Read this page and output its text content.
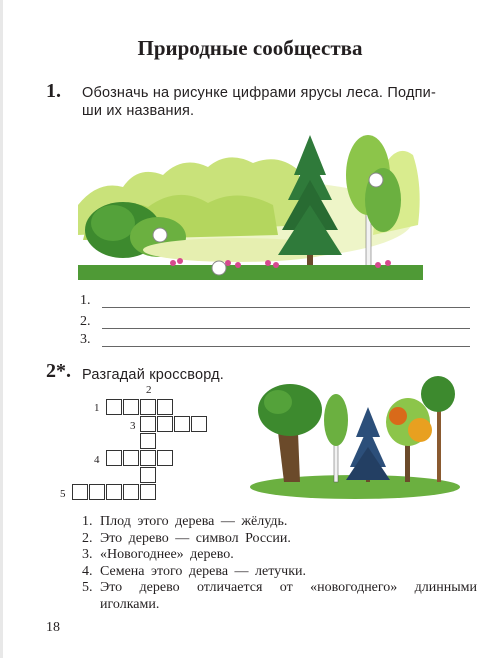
Природные сообщества
1. Обозначь на рисунке цифрами ярусы леса. Подпи-
ши их названия.
1.
2.
3.
2*. Разгадай кроссворд.
2
1
3
4
5
1. Плод этого дерева — жёлудь.
2. Это дерево — символ России.
3. «Новогоднее» дерево.
4. Семена этого дерева — летучки.
5. Это дерево отличается от «новогоднего» длинными иголками.
18
